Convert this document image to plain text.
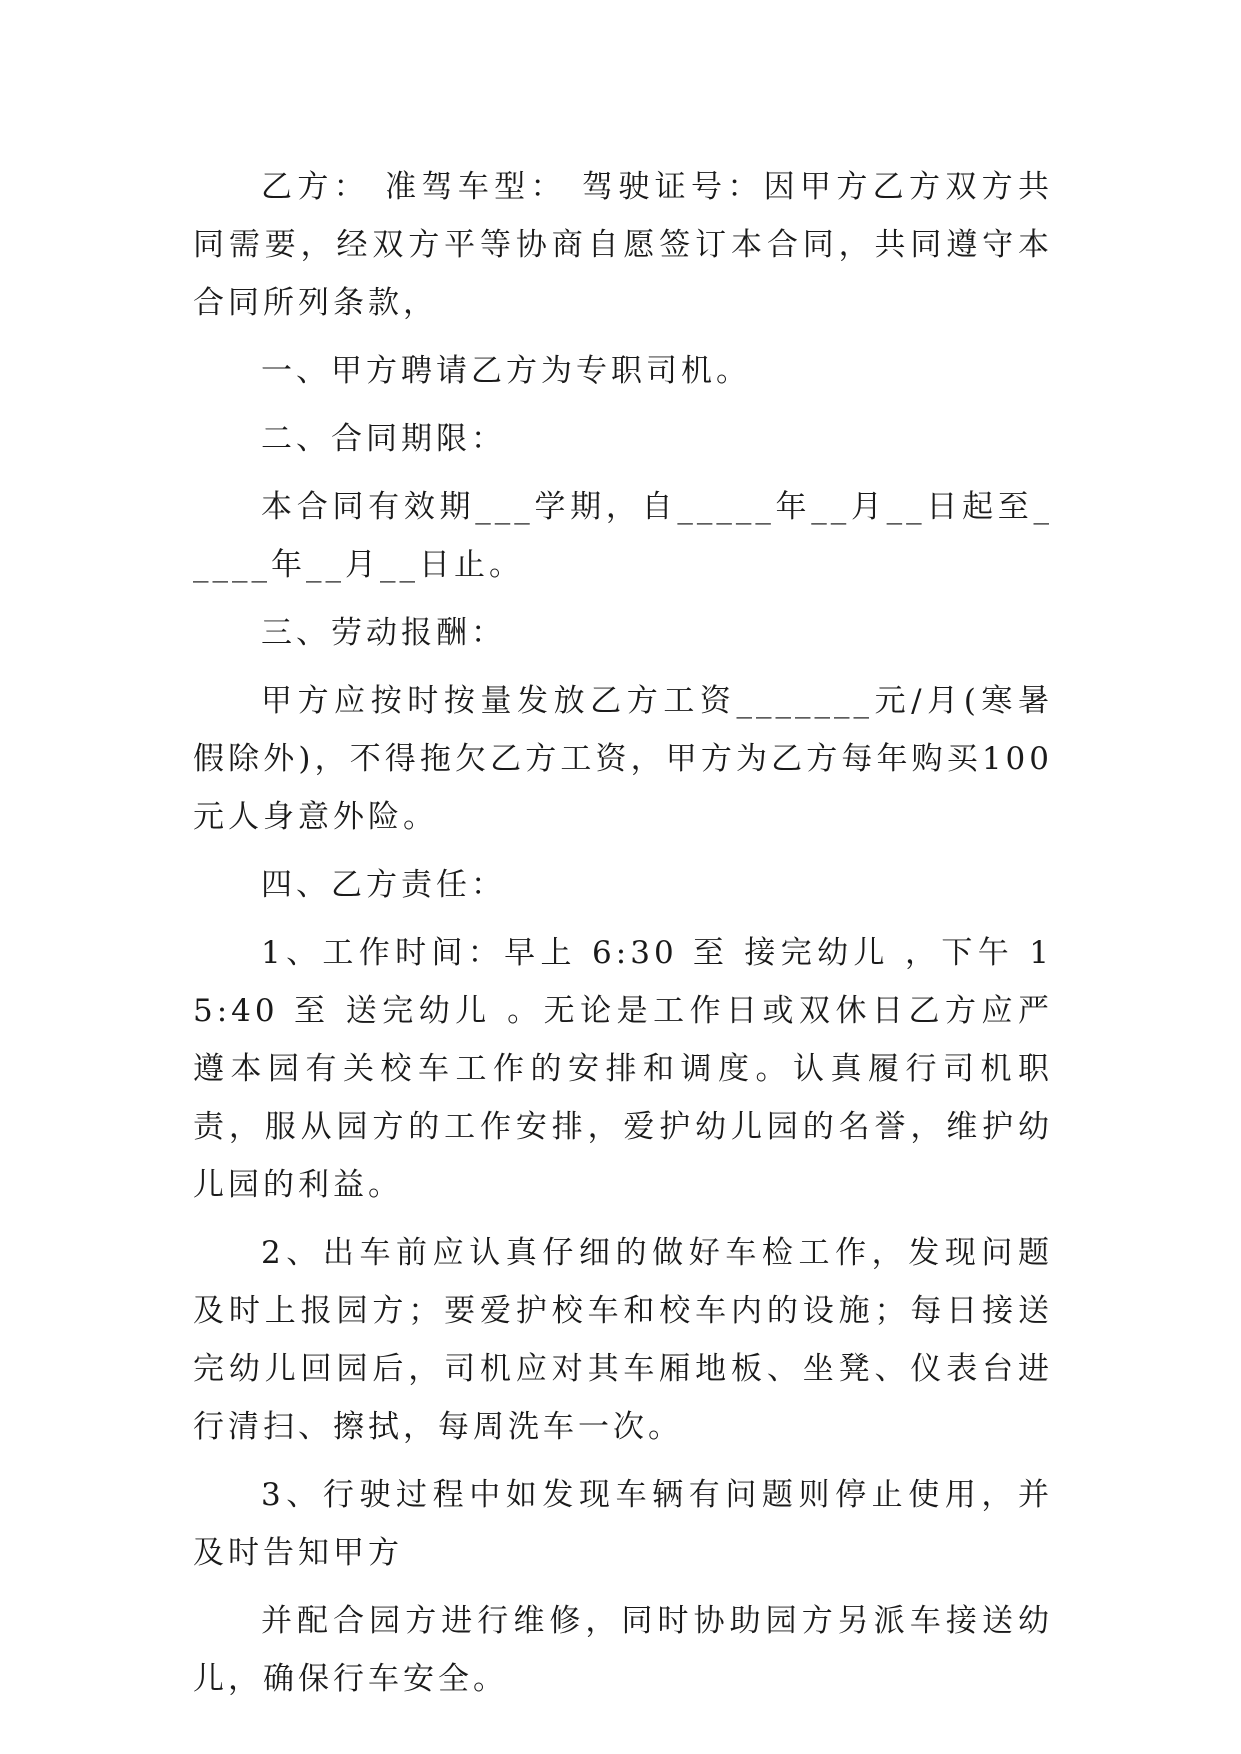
乙方： 准驾车型： 驾驶证号：因甲方乙方双方共同需要，经双方平等协商自愿签订本合同，共同遵守本合同所列条款，

一、甲方聘请乙方为专职司机。

二、合同期限：

本合同有效期___学期，自_____年__月__日起至_____年__月__日止。

三、劳动报酬：

甲方应按时按量发放乙方工资_______元/月(寒暑假除外)，不得拖欠乙方工资，甲方为乙方每年购买100元人身意外险。

四、乙方责任：

1、工作时间：早上 6:30 至 接完幼儿 ，下午 15:40 至 送完幼儿 。无论是工作日或双休日乙方应严遵本园有关校车工作的安排和调度。认真履行司机职责，服从园方的工作安排，爱护幼儿园的名誉，维护幼儿园的利益。

2、出车前应认真仔细的做好车检工作，发现问题及时上报园方；要爱护校车和校车内的设施；每日接送完幼儿回园后，司机应对其车厢地板、坐凳、仪表台进行清扫、擦拭，每周洗车一次。

3、行驶过程中如发现车辆有问题则停止使用，并及时告知甲方

并配合园方进行维修，同时协助园方另派车接送幼儿，确保行车安全。
